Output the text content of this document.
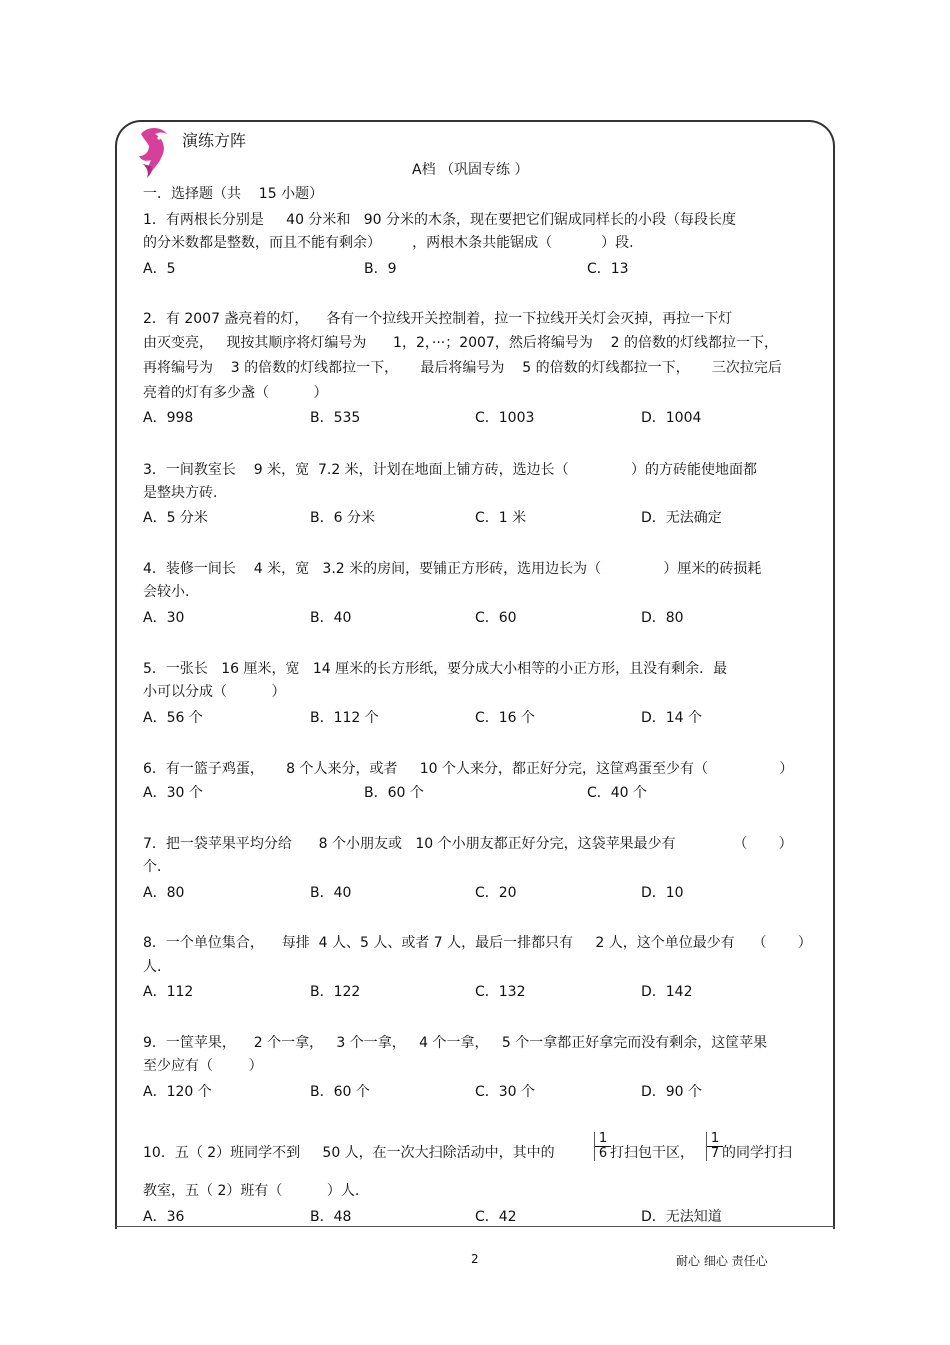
演练方阵
A档 （巩固专练 ）
一．选择题（共    15 小题）
1．有两根长分别是     40 分米和   90 分米的木条，现在要把它们锯成同样长的小段（每段长度
的分米数都是整数，而且不能有剩余）       ，两根木条共能锯成（           ）段.
A．5	B．9	C．13
2．有 2007 盏亮着的灯，    各有一个拉线开关控制着，拉一下拉线开关灯会灭掉，再拉一下灯
由灭变亮，   现按其顺序将灯编号为      1，2，···；2007，然后将编号为    2 的倍数的灯线都拉一下，
再将编号为    3 的倍数的灯线都拉一下，     最后将编号为    5 的倍数的灯线都拉一下，     三次拉完后
亮着的灯有多少盏（          ）
A．998	B．535	C．1003	D．1004
3．一间教室长    9 米，宽  7.2 米，计划在地面上铺方砖，选边长（              ）的方砖能使地面都
是整块方砖.
A．5 分米	B．6 分米	C．1 米	D．无法确定
4．装修一间长    4 米，宽   3.2 米的房间，要铺正方形砖，选用边长为（              ）厘米的砖损耗
会较小.
A．30	B．40	C．60	D．80
5．一张长   16 厘米，宽   14 厘米的长方形纸，要分成大小相等的小正方形，且没有剩余．最
小可以分成（          ）
A．56 个	B．112 个	C．16 个	D．14 个
6．有一篮子鸡蛋，     8 个人来分，或者     10 个人来分，都正好分完，这筐鸡蛋至少有（                ）
A．30 个	B．60 个	C．40 个
7．把一袋苹果平均分给      8 个小朋友或   10 个小朋友都正好分完，这袋苹果最少有             （       ）
个.
A．80	B．40	C．20	D．10
8．一个单位集合，    每排  4 人、5 人、或者 7 人，最后一排都只有     2 人，这个单位最少有    （       ）
人.
A．112	B．122	C．132	D．142
9．一筐苹果，    2 个一拿，   3 个一拿，   4 个一拿，   5 个一拿都正好拿完而没有剩余，这筐苹果
至少应有（        ）
A．120 个	B．60 个	C．30 个	D．90 个
10．五（ 2）班同学不到     50 人，在一次大扫除活动中，其中的	$\frac{1}{6}$ 打扫包干区， $\frac{1}{7}$ 的同学打扫
教室，五（ 2）班有（          ）人.
A．36	B．48	C．42	D．无法知道
2	耐心 细心 责任心
